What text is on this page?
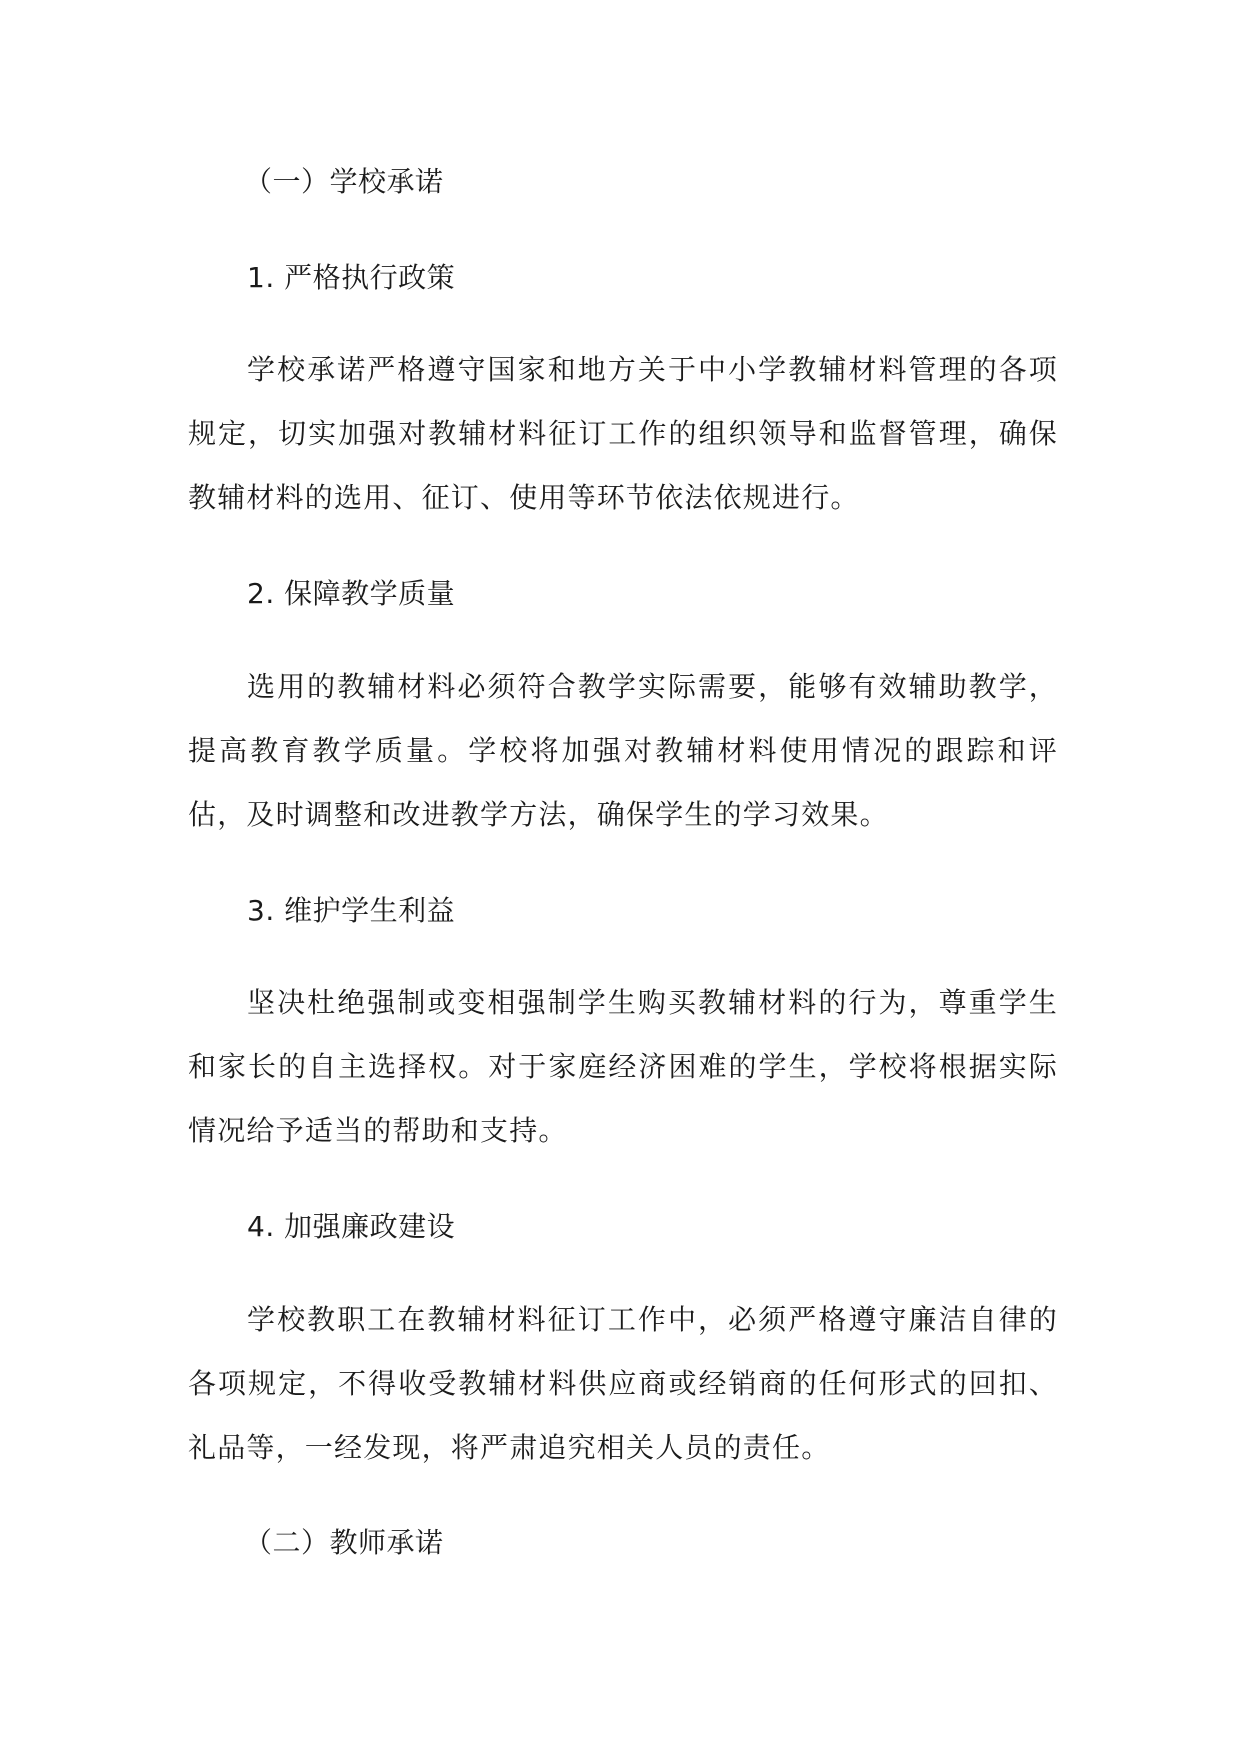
（一）学校承诺
1. 严格执行政策

学校承诺严格遵守国家和地方关于中小学教辅材料管理的各项规定，切实加强对教辅材料征订工作的组织领导和监督管理，确保教辅材料的选用、征订、使用等环节依法依规进行。

2. 保障教学质量

选用的教辅材料必须符合教学实际需要，能够有效辅助教学，提高教育教学质量。学校将加强对教辅材料使用情况的跟踪和评估，及时调整和改进教学方法，确保学生的学习效果。

3. 维护学生利益

坚决杜绝强制或变相强制学生购买教辅材料的行为，尊重学生和家长的自主选择权。对于家庭经济困难的学生，学校将根据实际情况给予适当的帮助和支持。

4. 加强廉政建设

学校教职工在教辅材料征订工作中，必须严格遵守廉洁自律的各项规定，不得收受教辅材料供应商或经销商的任何形式的回扣、礼品等，一经发现，将严肃追究相关人员的责任。

（二）教师承诺
